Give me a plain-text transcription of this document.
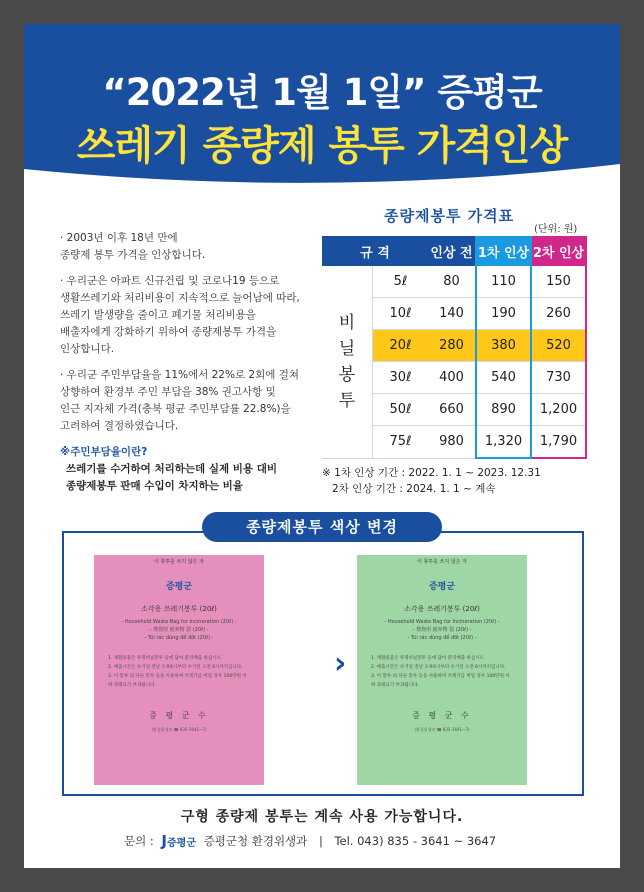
“2022년 1월 1일” 증평군
쓰레기 종량제 봉투 가격인상
· 2003년 이후 18년 만에
종량제 봉투 가격을 인상합니다.
· 우리군은 아파트 신규건립 및 코로나19 등으로
생활쓰레기와 처리비용이 지속적으로 늘어남에 따라,
쓰레기 발생량을 줄이고 폐기물 처리비용을
배출자에게 강화하기 위하여 종량제봉투 가격을
인상합니다.
· 우리군 주민부담율을 11%에서 22%로 2회에 걸쳐
상향하여 환경부 주민 부담을 38% 권고사항 및
인근 지자체 가격(충북 평균 주민부담률 22.8%)을
고려하여 결정하였습니다.
※주민부담율이란?
쓰레기를 수거하여 처리하는데 실제 비용 대비
종량제봉투 판매 수입이 차지하는 비율
종량제봉투 가격표
(단위: 원)
규 격		인상 전	1차 인상	2차 인상

비
닐
봉
투	5ℓ	80	110	150
	10ℓ	140	190	260
	20ℓ	280	380	520
	30ℓ	400	540	730
	50ℓ	660	890	1,200
	75ℓ	980	1,320	1,790
※ 1차 인상 기간 : 2022. 1. 1 ~ 2023. 12.31
2차 인상 기간 : 2024. 1. 1 ~ 계속
종량제봉투 색상 변경
이 봉투를 쓰지 않은 자
증평군
소각용 쓰레기봉투 (20ℓ)
- Household Waste Bag for Incineration (20ℓ) -
- 焚烧用 废弃物 袋 (20ℓ) -
- Túi rác dùng để đốt (20ℓ) -
1. 재활용품은 투명비닐봉투 등에 담아 분리배출 하십시오.
2. 배출시간은 수거일 전날 오후6시부터 수거일 오전 6시까지입니다.
3. 이 봉투 외 다른 봉투 등을 사용하여 쓰레기를 버릴 경우 100만원 이하 과태료가 부과됩니다.
증 평 군 수
(환경위생과 ☎ 835-3641~7)
›
이 봉투를 쓰지 않은 자
증평군
소각용 쓰레기봉투 (20ℓ)
- Household Waste Bag for Incineration (20ℓ) -
- 焚烧用 废弃物 袋 (20ℓ) -
- Túi rác dùng để đốt (20ℓ) -
1. 재활용품은 투명비닐봉투 등에 담아 분리배출 하십시오.
2. 배출시간은 수거일 전날 오후6시부터 수거일 오전 6시까지입니다.
3. 이 봉투 외 다른 봉투 등을 사용하여 쓰레기를 버릴 경우 100만원 이하 과태료가 부과됩니다.
증 평 군 수
(환경위생과 ☎ 835-3641~7)
구형 종량제 봉투는 계속 사용 가능합니다.
문의 : J증평군 증평군청 환경위생과 | Tel. 043) 835 - 3641 ~ 3647
